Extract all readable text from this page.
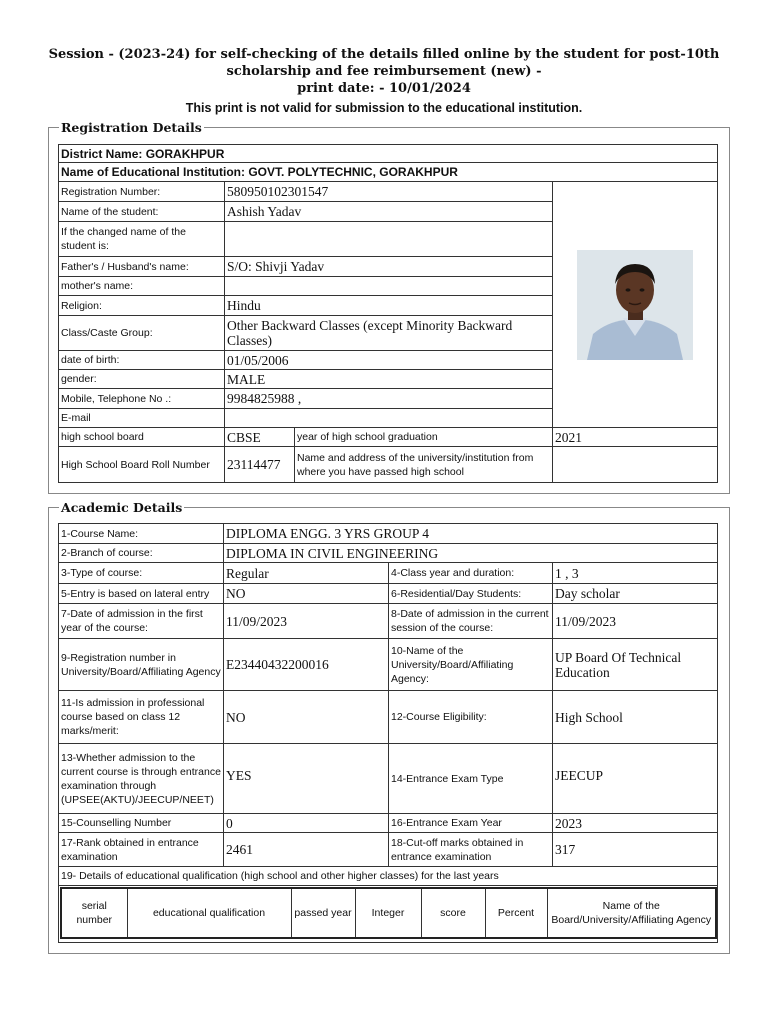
Session - (2023-24) for self-checking of the details filled online by the student for post-10th
scholarship and fee reimbursement (new) -
print date: - 10/01/2024
This print is not valid for submission to the educational institution.
Registration Details
District Name: GORAKHPUR			
Name of Educational Institution: GOVT. POLYTECHNIC, GORAKHPUR			
Registration Number:	580950102301547	

Name of the student:	Ashish Yadav		
If the changed name of the student is:			
Father's / Husband's name:	S/O: Shivji Yadav		
mother's name:			
Religion:	Hindu		
Class/Caste Group:	Other Backward Classes (except Minority Backward Classes)		
date of birth:	01/05/2006		
gender:	MALE		
Mobile, Telephone No .:	9984825988 ,		
E-mail			
high school board	CBSE	year of high school graduation	2021
High School Board Roll Number	23114477	Name and address of the university/institution from where you have passed high school	
Academic Details
1-Course Name:	DIPLOMA ENGG. 3 YRS GROUP 4
2-Branch of course:	DIPLOMA IN CIVIL ENGINEERING
3-Type of course:	Regular	4-Class year and duration:	1 , 3
5-Entry is based on lateral entry	NO	6-Residential/Day Students:	Day scholar
7-Date of admission in the first year of the course:	11/09/2023	8-Date of admission in the current session of the course:	11/09/2023
9-Registration number in University/Board/Affiliating Agency	E23440432200016	10-Name of the University/Board/Affiliating Agency:	UP Board Of Technical Education
11-Is admission in professional course based on class 12 marks/merit:	NO	12-Course Eligibility:	High School
13-Whether admission to the current course is through entrance examination through (UPSEE(AKTU)/JEECUP/NEET)	YES	14-Entrance Exam Type	JEECUP
15-Counselling Number	0	16-Entrance Exam Year	2023
17-Rank obtained in entrance examination	2461	18-Cut-off marks obtained in entrance examination	317
19- Details of educational qualification (high school and other higher classes) for the last years

serial number	educational qualification	passed year	Integer	score	Percent	Name of the Board/University/Affiliating Agency
